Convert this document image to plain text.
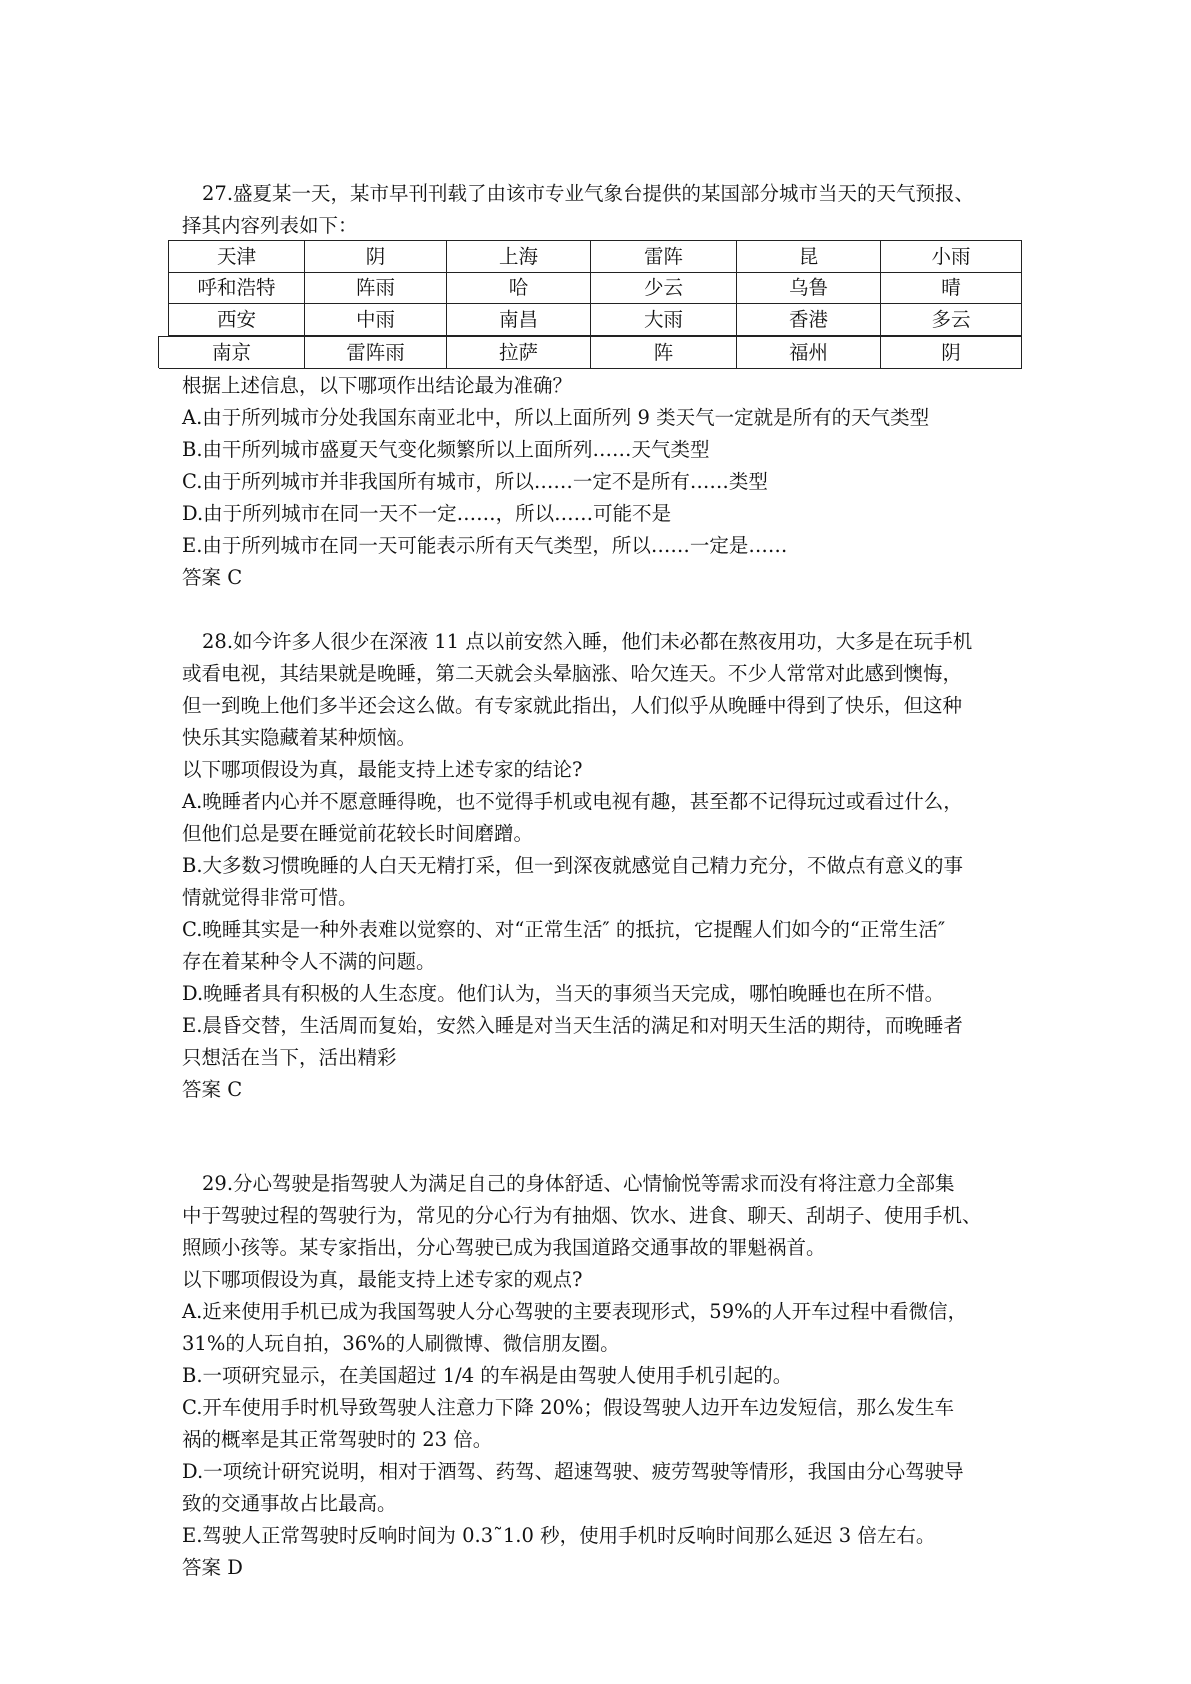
27.盛夏某一天，某市早刊刊载了由该市专业气象台提供的某国部分城市当天的天气预报、
择其内容列表如下：
天津	阴	上海	雷阵	昆	小雨
呼和浩特	阵雨	哈	少云	乌鲁	晴
西安	中雨	南昌	大雨	香港	多云
南京	雷阵雨	拉萨	阵	福州	阴
根据上述信息，以下哪项作出结论最为准确？
A.由于所列城市分处我国东南亚北中，所以上面所列 9 类天气一定就是所有的天气类型
B.由干所列城市盛夏天气变化频繁所以上面所列……天气类型
C.由于所列城市并非我国所有城市，所以……一定不是所有……类型
D.由于所列城市在同一天不一定……，所以……可能不是
E.由于所列城市在同一天可能表示所有天气类型，所以……一定是……
答案 C
28.如今许多人很少在深液 11 点以前安然入睡，他们未必都在熬夜用功，大多是在玩手机
或看电视，其结果就是晚睡，第二天就会头晕脑涨、哈欠连天。不少人常常对此感到懊悔，
但一到晚上他们多半还会这么做。有专家就此指出，人们似乎从晚睡中得到了快乐，但这种
快乐其实隐藏着某种烦恼。
以下哪项假设为真，最能支持上述专家的结论?
A.晚睡者内心并不愿意睡得晚，也不觉得手机或电视有趣，甚至都不记得玩过或看过什么，
但他们总是要在睡觉前花较长时间磨蹭。
B.大多数习惯晚睡的人白天无精打采，但一到深夜就感觉自己精力充分，不做点有意义的事
情就觉得非常可惜。
C.晚睡其实是一种外表难以觉察的、对“正常生活″ 的抵抗，它提醒人们如今的“正常生活″
存在着某种令人不满的问题。
D.晚睡者具有积极的人生态度。他们认为，当天的事须当天完成，哪怕晚睡也在所不惜。
E.晨昏交替，生活周而复始，安然入睡是对当天生活的满足和对明天生活的期待，而晚睡者
只想活在当下，活出精彩
答案 C
29.分心驾驶是指驾驶人为满足自己的身体舒适、心情愉悦等需求而没有将注意力全部集
中于驾驶过程的驾驶行为，常见的分心行为有抽烟、饮水、进食、聊天、刮胡子、使用手机、
照顾小孩等。某专家指出，分心驾驶已成为我国道路交通事故的罪魁祸首。
以下哪项假设为真，最能支持上述专家的观点?
A.近来使用手机已成为我国驾驶人分心驾驶的主要表现形式，59%的人开车过程中看微信，
31%的人玩自拍，36%的人刷微博、微信朋友圈。
B.一项研究显示，在美国超过 1/4 的车祸是由驾驶人使用手机引起的。
C.开车使用手时机导致驾驶人注意力下降 20%；假设驾驶人边开车边发短信，那么发生车
祸的概率是其正常驾驶时的 23 倍。
D.一项统计研究说明，相对于酒驾、药驾、超速驾驶、疲劳驾驶等情形，我国由分心驾驶导
致的交通事故占比最高。
E.驾驶人正常驾驶时反响时间为 0.3˜1.0 秒，使用手机时反响时间那么延迟 3 倍左右。
答案 D
